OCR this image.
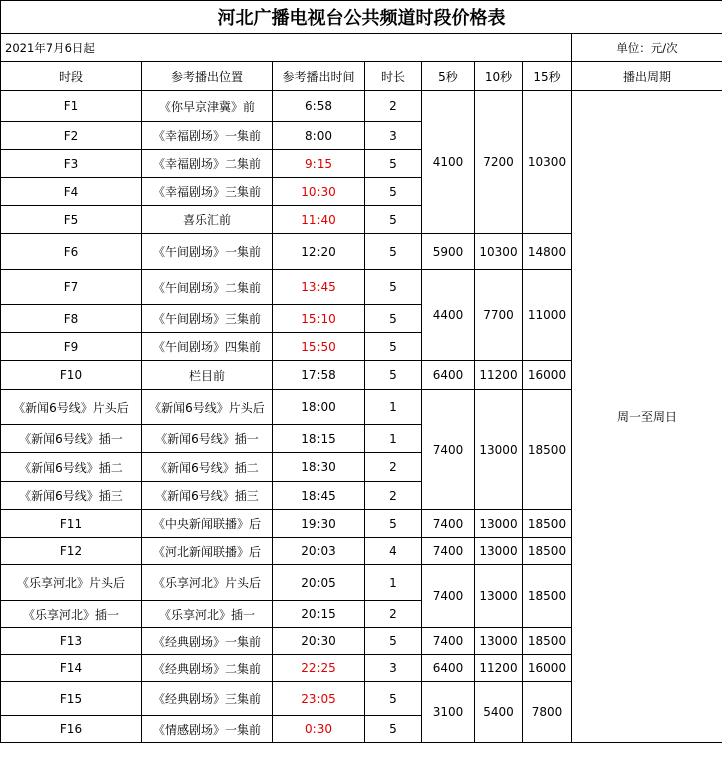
河北广播电视台公共频道时段价格表							
2021年7月6日起							单位：元/次
时段	参考播出位置	参考播出时间	时长	5秒	10秒	15秒	播出周期
F1	《你早京津冀》前	6:58	2	4100	7200	10300	周一至周日
F2	《幸福剧场》一集前	8:00	3				
F3	《幸福剧场》二集前	9:15	5				
F4	《幸福剧场》三集前	10:30	5				
F5	喜乐汇前	11:40	5				
F6	《午间剧场》一集前	12:20	5	5900	10300	14800	
F7	《午间剧场》二集前	13:45	5	4400	7700	11000	
F8	《午间剧场》三集前	15:10	5				
F9	《午间剧场》四集前	15:50	5				
F10	栏目前	17:58	5	6400	11200	16000	
《新闻6号线》片头后	《新闻6号线》片头后	18:00	1	7400	13000	18500	
《新闻6号线》插一	《新闻6号线》插一	18:15	1				
《新闻6号线》插二	《新闻6号线》插二	18:30	2				
《新闻6号线》插三	《新闻6号线》插三	18:45	2				
F11	《中央新闻联播》后	19:30	5	7400	13000	18500	
F12	《河北新闻联播》后	20:03	4	7400	13000	18500	
《乐享河北》片头后	《乐享河北》片头后	20:05	1	7400	13000	18500	
《乐享河北》插一	《乐享河北》插一	20:15	2				
F13	《经典剧场》一集前	20:30	5	7400	13000	18500	
F14	《经典剧场》二集前	22:25	3	6400	11200	16000	
F15	《经典剧场》三集前	23:05	5	3100	5400	7800	
F16	《情感剧场》一集前	0:30	5				
